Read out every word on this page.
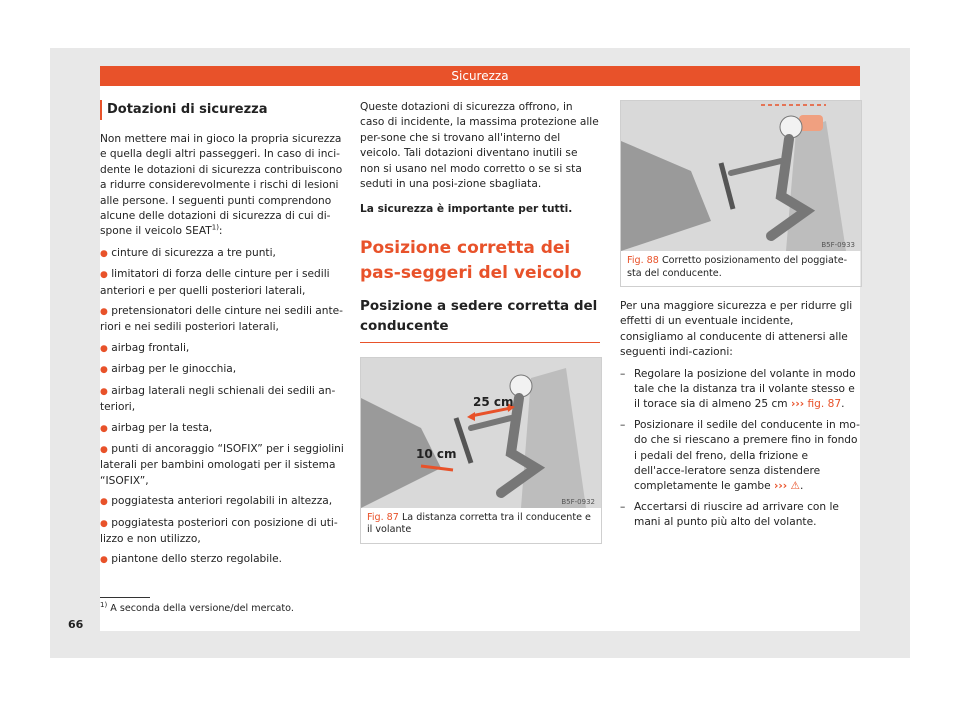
Sicurezza
Dotazioni di sicurezza

Non mettere mai in gioco la propria sicurezza e quella degli altri passeggeri. In caso di inci-dente le dotazioni di sicurezza contribuiscono a ridurre considerevolmente i rischi di lesioni alle persone. I seguenti punti comprendono alcune delle dotazioni di sicurezza di cui di-spone il veicolo SEAT$^{1)}$:

● cinture di sicurezza a tre punti,
● limitatori di forza delle cinture per i sedili anteriori e per quelli posteriori laterali,
● pretensionatori delle cinture nei sedili ante-riori e nei sedili posteriori laterali,
● airbag frontali,
● airbag per le ginocchia,
● airbag laterali negli schienali dei sedili an-teriori,
● airbag per la testa,
● punti di ancoraggio “ISOFIX” per i seggiolini laterali per bambini omologati per il sistema “ISOFIX”,
● poggiatesta anteriori regolabili in altezza,
● poggiatesta posteriori con posizione di uti-lizzo e non utilizzo,
● piantone dello sterzo regolabile.

Queste dotazioni di sicurezza offrono, in caso di incidente, la massima protezione alle per-sone che si trovano all'interno del veicolo. Tali dotazioni diventano inutili se non si usano nel modo corretto o se si sta seduti in una posi-zione sbagliata.

La sicurezza è importante per tutti.
Posizione corretta dei pas-seggeri del veicolo
Posizione a sedere corretta del conducente
25 cm
10 cm
B5F-0932
Fig. 87 La distanza corretta tra il conducente e il volante
B5F-0933
Fig. 88 Corretto posizionamento del poggiate-sta del conducente.

Per una maggiore sicurezza e per ridurre gli effetti di un eventuale incidente, consigliamo al conducente di attenersi alle seguenti indi-cazioni:

– Regolare la posizione del volante in modo tale che la distanza tra il volante stesso e il torace sia di almeno 25 cm ››› fig. 87.
– Posizionare il sedile del conducente in mo-do che si riescano a premere fino in fondo i pedali del freno, della frizione e dell'acce-leratore senza distendere completamente le gambe ››› ⚠.
– Accertarsi di riuscire ad arrivare con le mani al punto più alto del volante.
$^{1)}$ A seconda della versione/del mercato.
66
